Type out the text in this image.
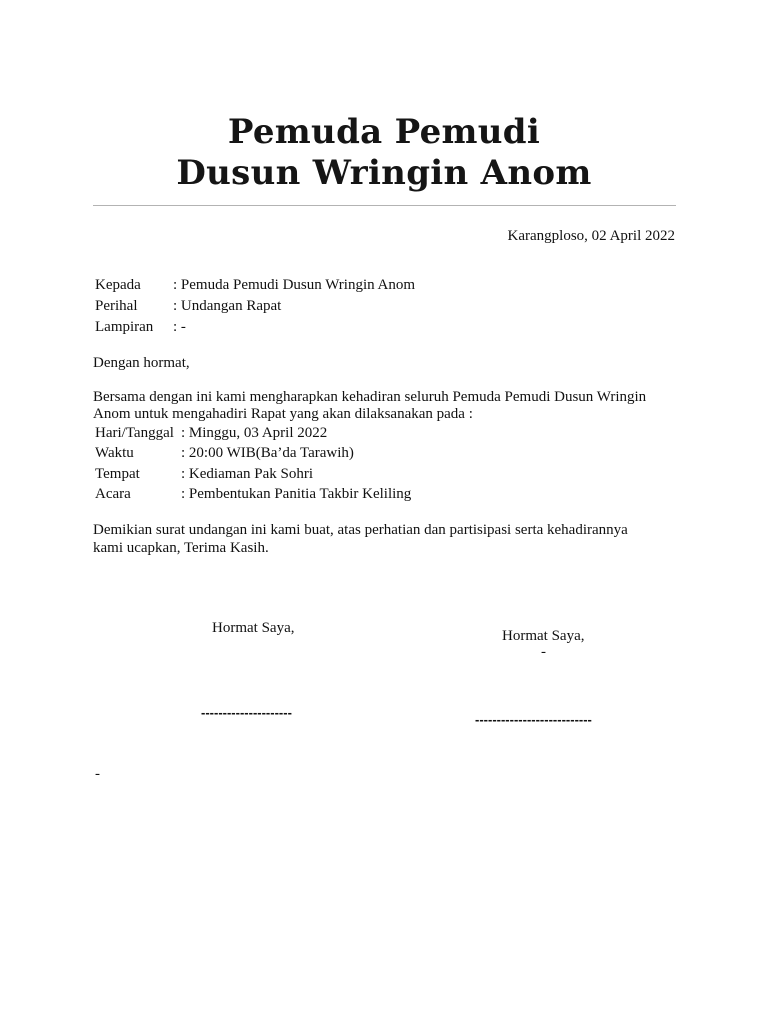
Pemuda Pemudi
Dusun Wringin Anom
Karangploso, 02 April 2022
Kepada : Pemuda Pemudi Dusun Wringin Anom
Perihal : Undangan Rapat
Lampiran : -
Dengan hormat,
Bersama dengan ini kami mengharapkan kehadiran seluruh Pemuda Pemudi Dusun Wringin
Anom untuk mengahadiri Rapat yang akan dilaksanakan pada :
Hari/Tanggal : Minggu, 03 April 2022
Waktu	: 20:00 WIB(Ba’da Tarawih)
Tempat	: Kediaman Pak Sohri
Acara	: Pembentukan Panitia Takbir Keliling
Demikian surat undangan ini kami buat, atas perhatian dan partisipasi serta kehadirannya
kami ucapkan, Terima Kasih.
Hormat Saya,
---------------------
Hormat Saya,
-
---------------------------
-
